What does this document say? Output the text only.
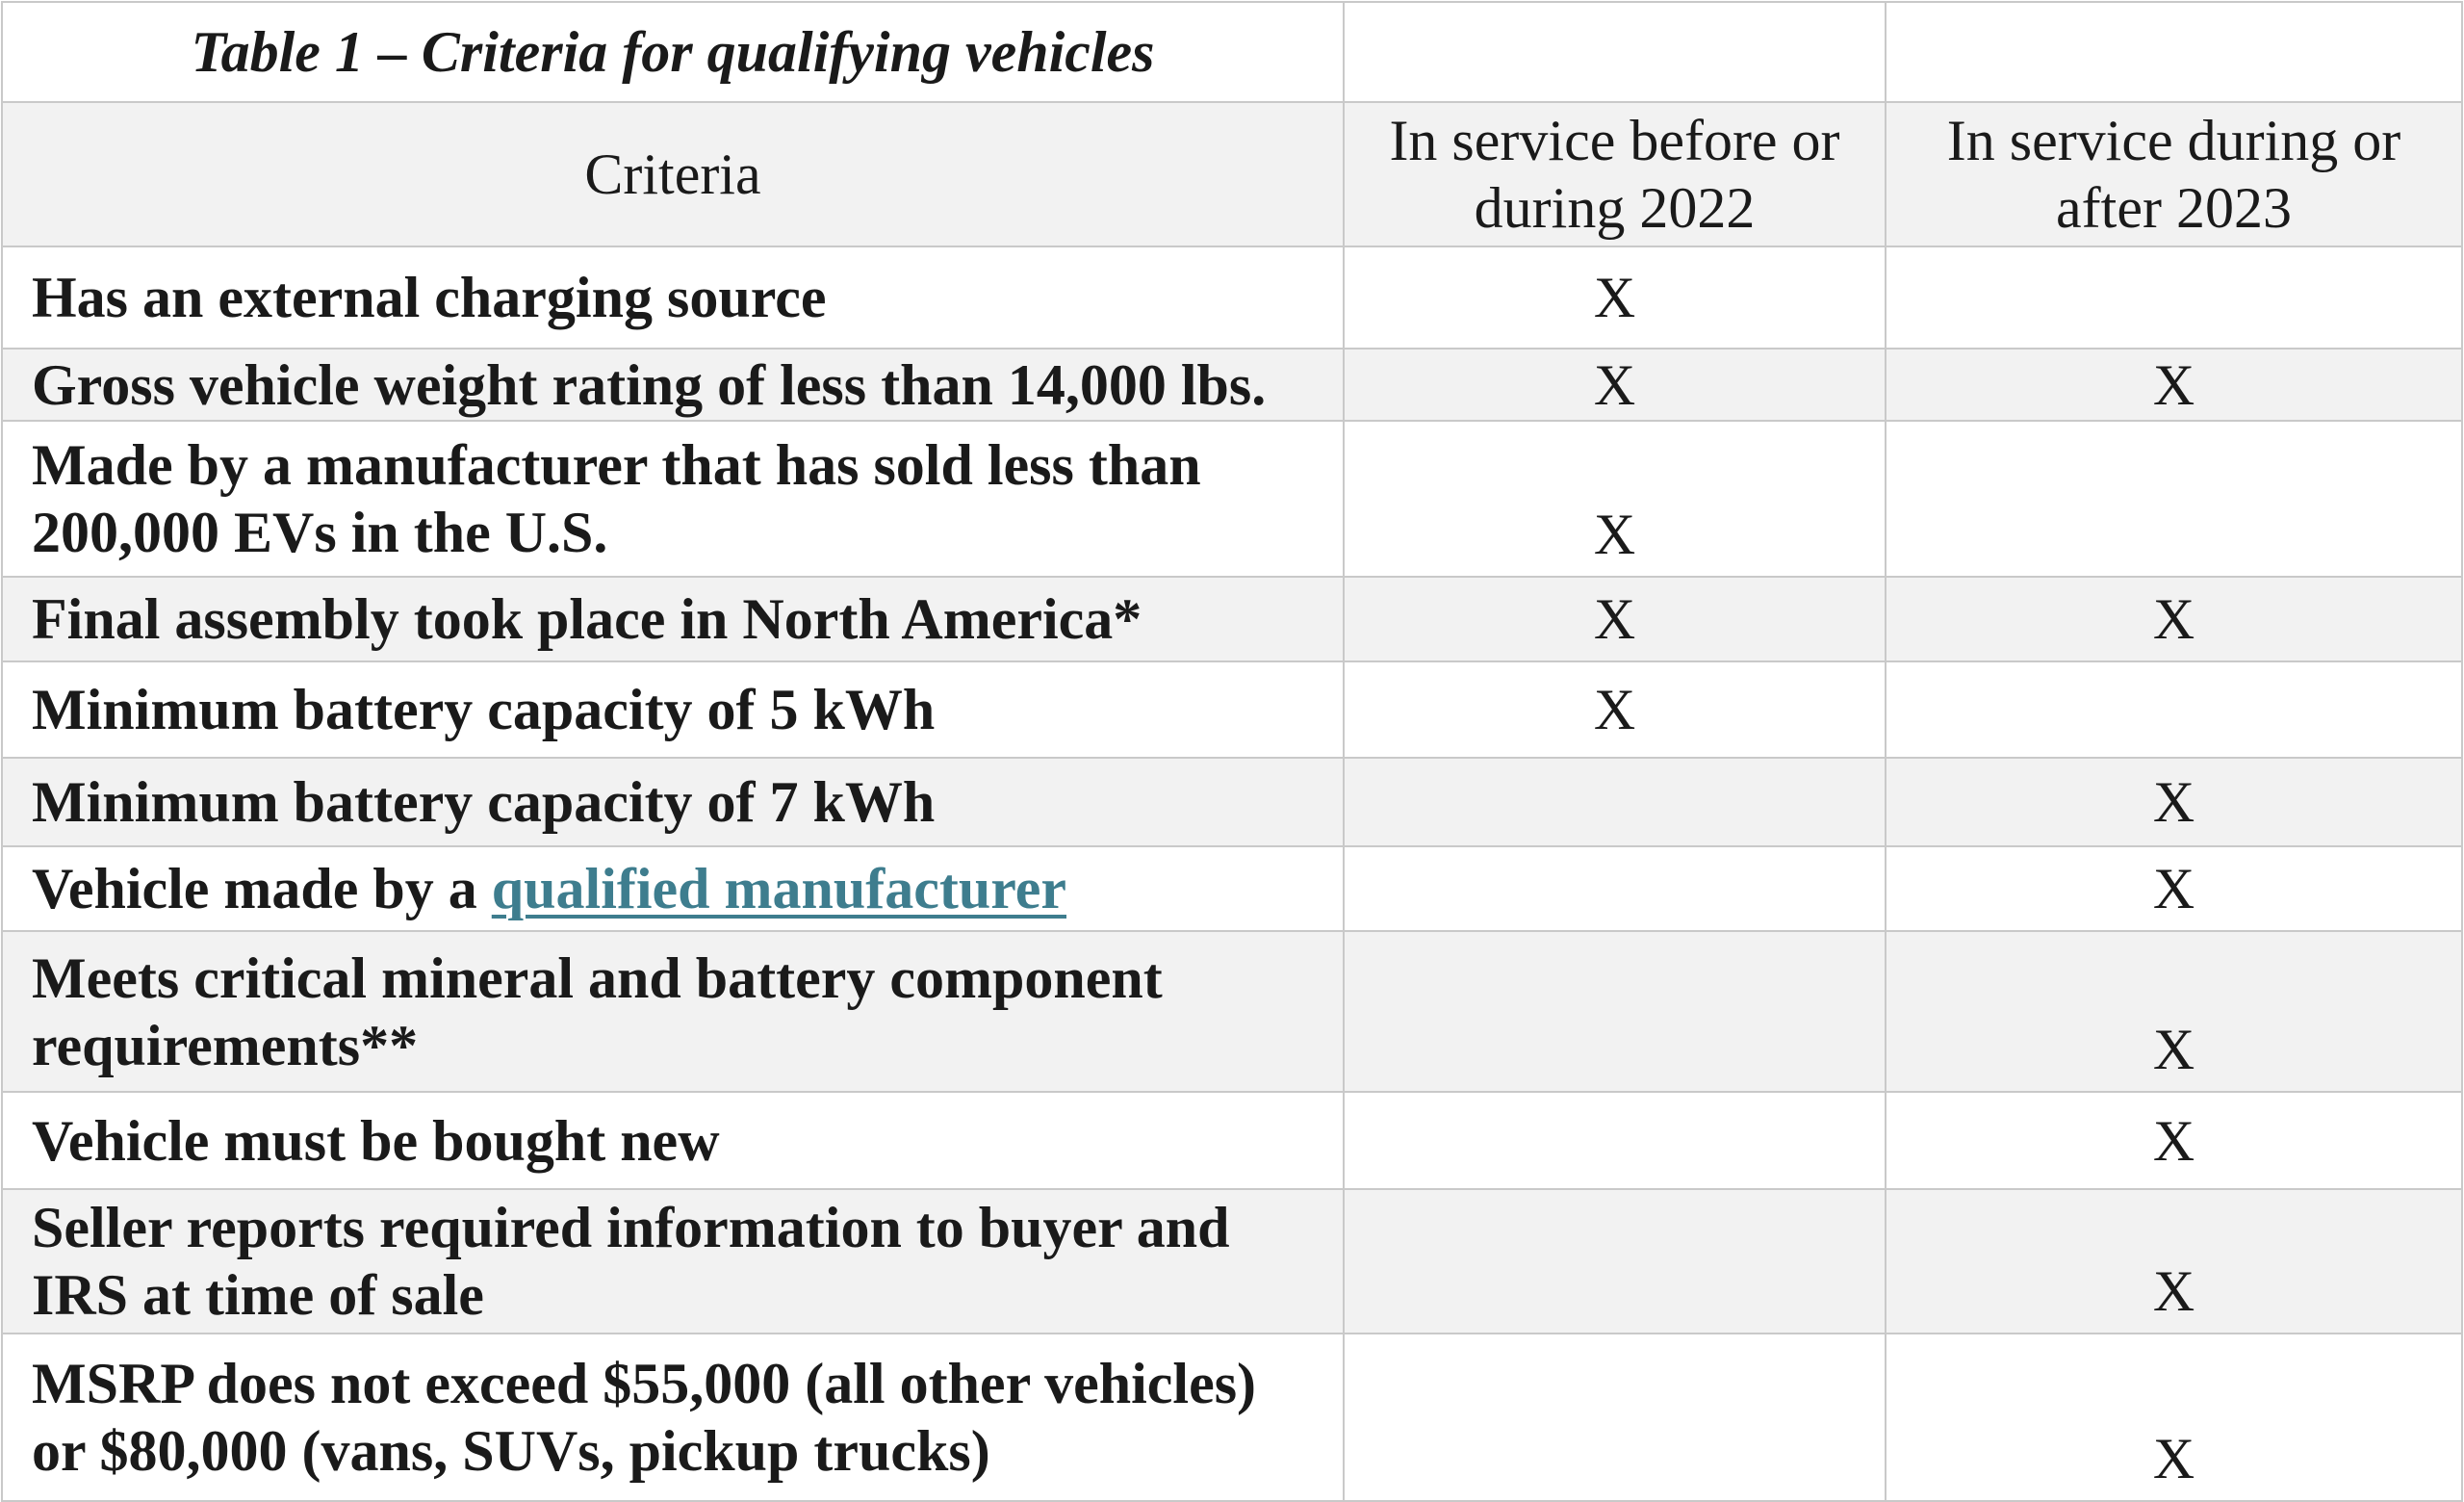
Table 1 – Criteria for qualifying vehicles		
Criteria	In service before or during 2022	In service during or after 2023
Has an external charging source	X	
Gross vehicle weight rating of less than 14,000 lbs.	X	X
Made by a manufacturer that has sold less than 200,000 EVs in the U.S.	X	
Final assembly took place in North America*	X	X
Minimum battery capacity of 5 kWh	X	
Minimum battery capacity of 7 kWh		X
Vehicle made by a qualified manufacturer		X
Meets critical mineral and battery component requirements**		X
Vehicle must be bought new		X
Seller reports required information to buyer and IRS at time of sale		X
MSRP does not exceed $55,000 (all other vehicles) or $80,000 (vans, SUVs, pickup trucks)		X
